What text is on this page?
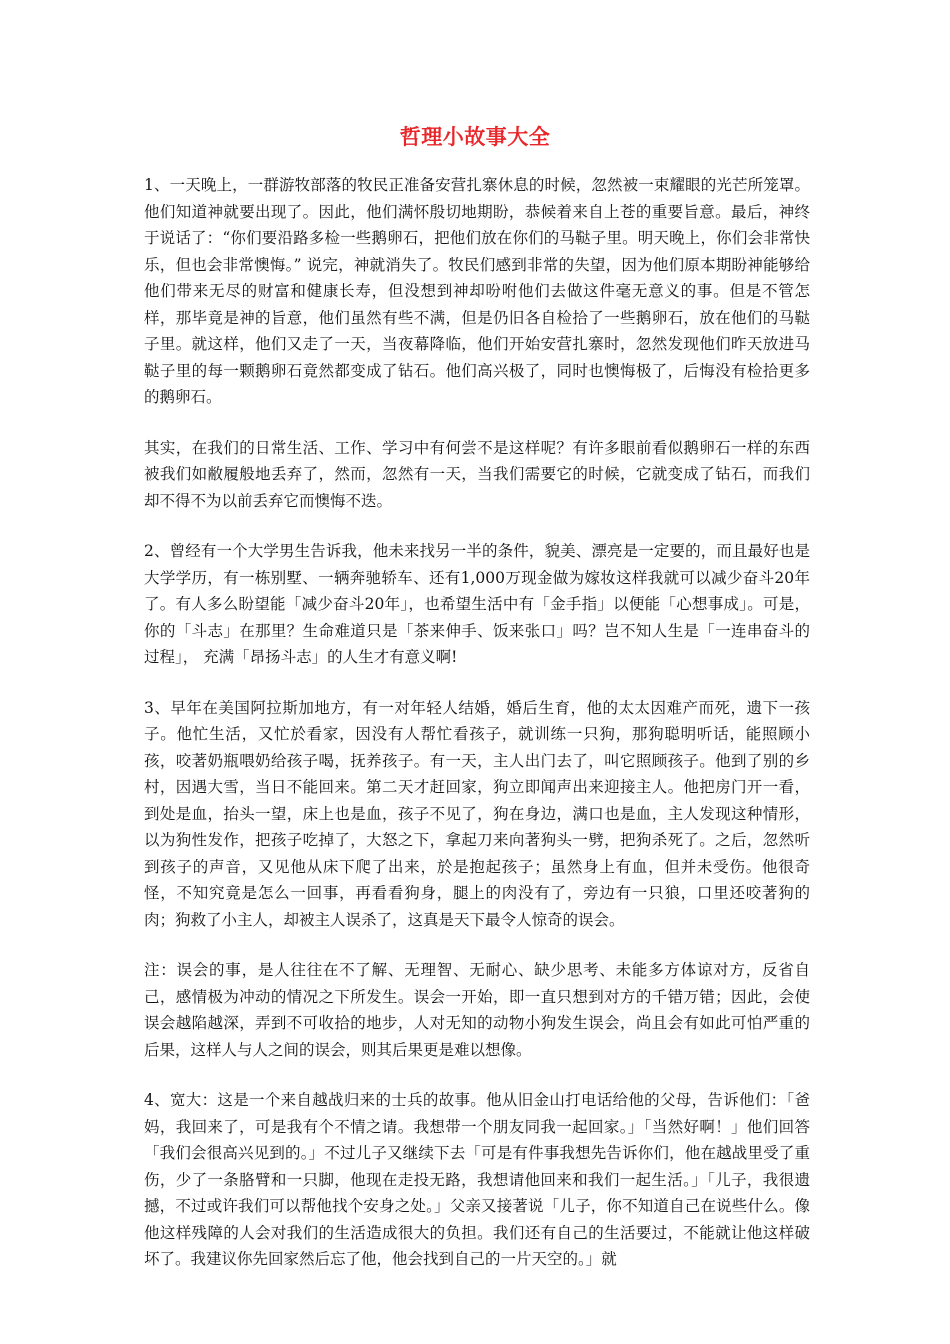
哲理小故事大全

1、一天晚上，一群游牧部落的牧民正准备安营扎寨休息的时候，忽然被一束耀眼的光芒所笼罩。他们知道神就要出现了。因此，他们满怀殷切地期盼，恭候着来自上苍的重要旨意。最后，神终于说话了：“你们要沿路多检一些鹅卵石，把他们放在你们的马鞑子里。明天晚上，你们会非常快乐，但也会非常懊悔。” 说完，神就消失了。牧民们感到非常的失望，因为他们原本期盼神能够给他们带来无尽的财富和健康长寿，但没想到神却吩咐他们去做这件毫无意义的事。但是不管怎样，那毕竟是神的旨意，他们虽然有些不满，但是仍旧各自检拾了一些鹅卵石，放在他们的马鞑子里。就这样，他们又走了一天，当夜幕降临，他们开始安营扎寨时，忽然发现他们昨天放进马鞑子里的每一颗鹅卵石竟然都变成了钻石。他们高兴极了，同时也懊悔极了，后悔没有检拾更多的鹅卵石。

其实，在我们的日常生活、工作、学习中有何尝不是这样呢？有许多眼前看似鹅卵石一样的东西被我们如敝履般地丢弃了，然而，忽然有一天，当我们需要它的时候，它就变成了钻石，而我们却不得不为以前丢弃它而懊悔不迭。

2、曾经有一个大学男生告诉我，他未来找另一半的条件，貌美、漂亮是一定要的，而且最好也是大学学历，有一栋别墅、一辆奔驰轿车、还有1,000万现金做为嫁妆这样我就可以减少奋斗20年了。有人多么盼望能「减少奋斗20年」，也希望生活中有「金手指」以便能「心想事成」。可是，你的「斗志」在那里？生命难道只是「茶来伸手、饭来张口」吗？岂不知人生是「一连串奋斗的过程」， 充满「昂扬斗志」的人生才有意义啊!

3、早年在美国阿拉斯加地方，有一对年轻人结婚，婚后生育，他的太太因难产而死，遗下一孩子。他忙生活，又忙於看家，因没有人帮忙看孩子，就训练一只狗，那狗聪明听话，能照顾小孩，咬著奶瓶喂奶给孩子喝，抚养孩子。有一天，主人出门去了，叫它照顾孩子。他到了别的乡村，因遇大雪，当日不能回来。第二天才赶回家，狗立即闻声出来迎接主人。他把房门开一看，到处是血，抬头一望，床上也是血，孩子不见了，狗在身边，满口也是血，主人发现这种情形，以为狗性发作，把孩子吃掉了，大怒之下，拿起刀来向著狗头一劈，把狗杀死了。之后，忽然听到孩子的声音，又见他从床下爬了出来，於是抱起孩子；虽然身上有血，但并未受伤。他很奇怪，不知究竟是怎么一回事，再看看狗身，腿上的肉没有了，旁边有一只狼，口里还咬著狗的肉；狗救了小主人，却被主人误杀了，这真是天下最令人惊奇的误会。

注：误会的事，是人往往在不了解、无理智、无耐心、缺少思考、未能多方体谅对方，反省自己，感情极为冲动的情况之下所发生。误会一开始，即一直只想到对方的千错万错；因此，会使误会越陷越深，弄到不可收拾的地步，人对无知的动物小狗发生误会，尚且会有如此可怕严重的后果，这样人与人之间的误会，则其后果更是难以想像。

4、宽大：这是一个来自越战归来的士兵的故事。他从旧金山打电话给他的父母，告诉他们：「爸妈，我回来了，可是我有个不情之请。我想带一个朋友同我一起回家。」「当然好啊！」他们回答「我们会很高兴见到的。」不过儿子又继续下去「可是有件事我想先告诉你们，他在越战里受了重伤，少了一条胳臂和一只脚，他现在走投无路，我想请他回来和我们一起生活。」「儿子，我很遗撼，不过或许我们可以帮他找个安身之处。」父亲又接著说「儿子，你不知道自己在说些什么。像他这样残障的人会对我们的生活造成很大的负担。我们还有自己的生活要过，不能就让他这样破坏了。我建议你先回家然后忘了他，他会找到自己的一片天空的。」就
